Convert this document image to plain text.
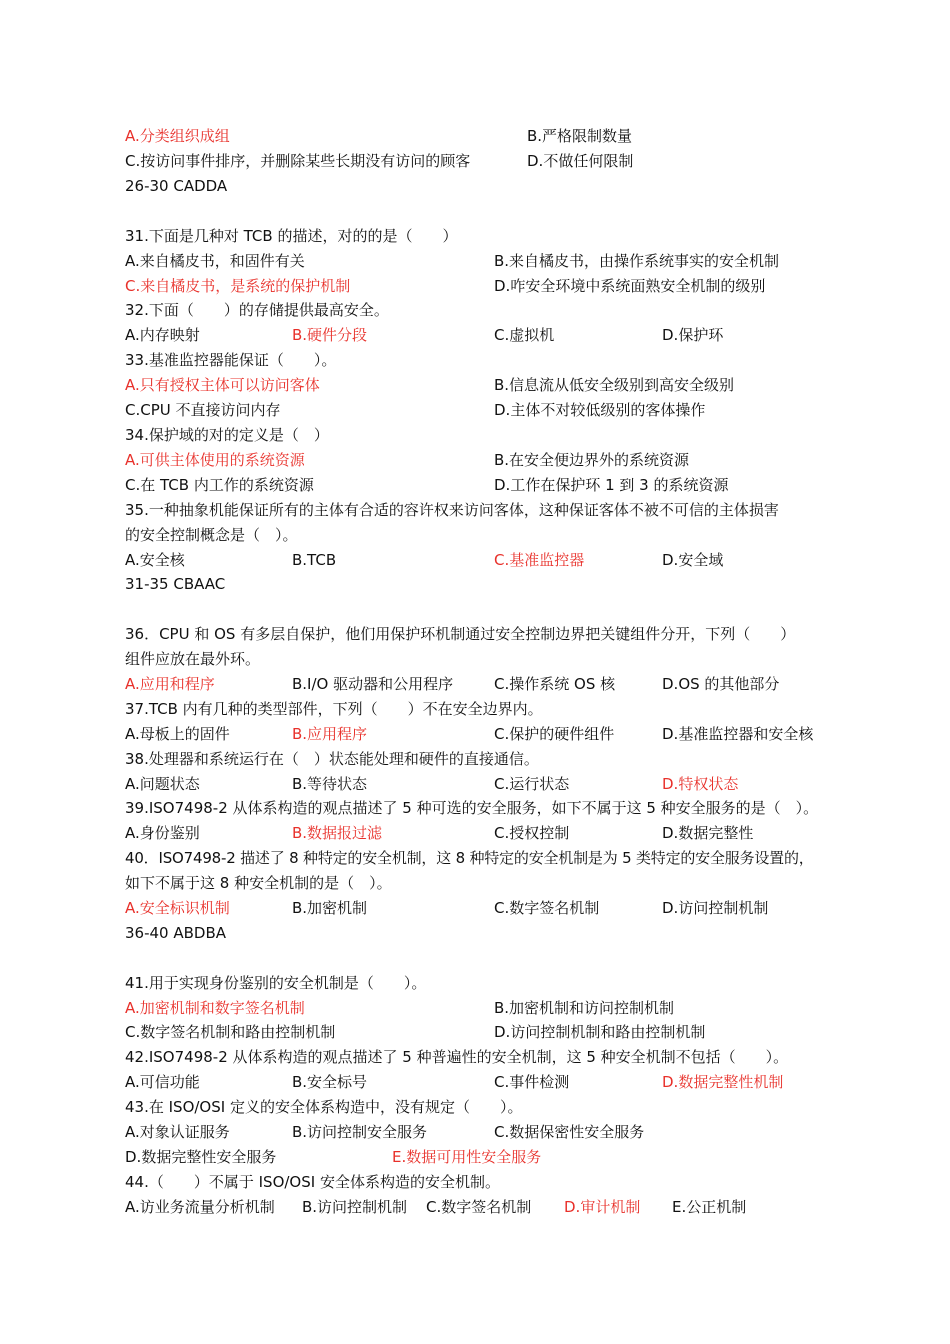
A.分类组织成组	B.严格限制数量
C.按访问事件排序，并删除某些长期没有访问的顾客	D.不做任何限制
26-30 CADDA
31.下面是几种对 TCB 的描述，对的的是（　　）
A.来自橘皮书，和固件有关	B.来自橘皮书，由操作系统事实的安全机制
C.来自橘皮书，是系统的保护机制	D.咋安全环境中系统面熟安全机制的级别
32.下面（　　）的存储提供最高安全。
A.内存映射	B.硬件分段	C.虚拟机	D.保护环
33.基准监控器能保证（　　）。
A.只有授权主体可以访问客体	B.信息流从低安全级别到高安全级别
C.CPU 不直接访问内存	D.主体不对较低级别的客体操作
34.保护域的对的定义是（　）
A.可供主体使用的系统资源	B.在安全便边界外的系统资源
C.在 TCB 内工作的系统资源	D.工作在保护环 1 到 3 的系统资源
35.一种抽象机能保证所有的主体有合适的容许权来访问客体，这种保证客体不被不可信的主体损害
的安全控制概念是（　）。
A.安全核	B.TCB	C.基准监控器	D.安全域
31-35 CBAAC
36．CPU 和 OS 有多层自保护，他们用保护环机制通过安全控制边界把关键组件分开，下列（　　）
组件应放在最外环。
A.应用和程序	B.I/O 驱动器和公用程序	C.操作系统 OS 核	D.OS 的其他部分
37.TCB 内有几种的类型部件，下列（　　）不在安全边界内。
A.母板上的固件	B.应用程序	C.保护的硬件组件	D.基准监控器和安全核
38.处理器和系统运行在（　）状态能处理和硬件的直接通信。
A.问题状态	B.等待状态	C.运行状态	D.特权状态
39.ISO7498-2 从体系构造的观点描述了 5 种可选的安全服务，如下不属于这 5 种安全服务的是（　）。
A.身份鉴别	B.数据报过滤	C.授权控制	D.数据完整性
40．ISO7498-2 描述了 8 种特定的安全机制，这 8 种特定的安全机制是为 5 类特定的安全服务设置的，
如下不属于这 8 种安全机制的是（　）。
A.安全标识机制	B.加密机制	C.数字签名机制	D.访问控制机制
36-40 ABDBA
41.用于实现身份鉴别的安全机制是（　　）。
A.加密机制和数字签名机制	B.加密机制和访问控制机制
C.数字签名机制和路由控制机制	D.访问控制机制和路由控制机制
42.ISO7498-2 从体系构造的观点描述了 5 种普遍性的安全机制，这 5 种安全机制不包括（　　）。
A.可信功能	B.安全标号	C.事件检测	D.数据完整性机制
43.在 ISO/OSI 定义的安全体系构造中，没有规定（　　）。
A.对象认证服务	B.访问控制安全服务	C.数据保密性安全服务
D.数据完整性安全服务	E.数据可用性安全服务
44.（　　）不属于 ISO/OSI 安全体系构造的安全机制。
A.访业务流量分析机制 B.访问控制机制 C.数字签名机制 D.审计机制 E.公正机制
